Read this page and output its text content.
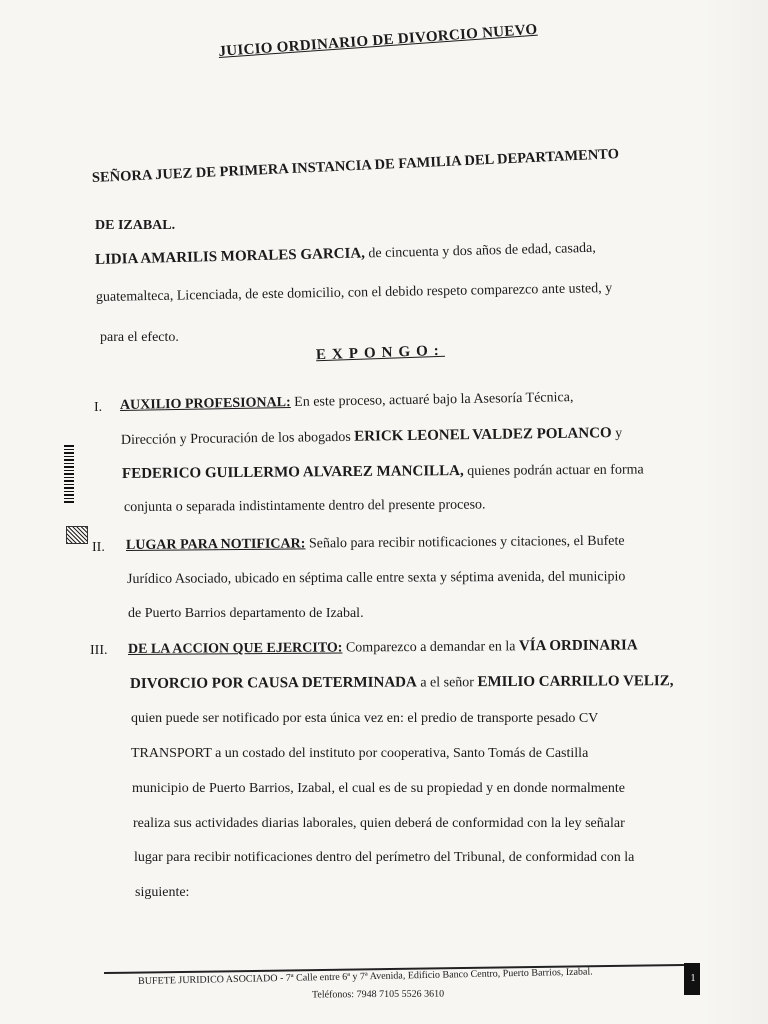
JUICIO ORDINARIO DE DIVORCIO NUEVO
SEÑORA JUEZ DE PRIMERA INSTANCIA DE FAMILIA DEL DEPARTAMENTO
DE IZABAL.
LIDIA AMARILIS MORALES GARCIA, de cincuenta y dos años de edad, casada,
guatemalteca, Licenciada, de este domicilio, con el debido respeto comparezco ante usted, y
para el efecto.
EXPONGO:
I. AUXILIO PROFESIONAL: En este proceso, actuaré bajo la Asesoría Técnica,
Dirección y Procuración de los abogados ERICK LEONEL VALDEZ POLANCO y
FEDERICO GUILLERMO ALVAREZ MANCILLA, quienes podrán actuar en forma
conjunta o separada indistintamente dentro del presente proceso.
II. LUGAR PARA NOTIFICAR: Señalo para recibir notificaciones y citaciones, el Bufete
Jurídico Asociado, ubicado en séptima calle entre sexta y séptima avenida, del municipio
de Puerto Barrios departamento de Izabal.
III. DE LA ACCION QUE EJERCITO: Comparezco a demandar en la VÍA ORDINARIA
DIVORCIO POR CAUSA DETERMINADA a el señor EMILIO CARRILLO VELIZ,
quien puede ser notificado por esta única vez en: el predio de transporte pesado CV
TRANSPORT a un costado del instituto por cooperativa, Santo Tomás de Castilla
municipio de Puerto Barrios, Izabal, el cual es de su propiedad y en donde normalmente
realiza sus actividades diarias laborales, quien deberá de conformidad con la ley señalar
lugar para recibir notificaciones dentro del perímetro del Tribunal, de conformidad con la
siguiente:
BUFETE JURIDICO ASOCIADO - 7ª Calle entre 6ª y 7ª Avenida, Edificio Banco Centro, Puerto Barrios, Izabal.
Teléfonos: 7948 7105 5526 3610
1
